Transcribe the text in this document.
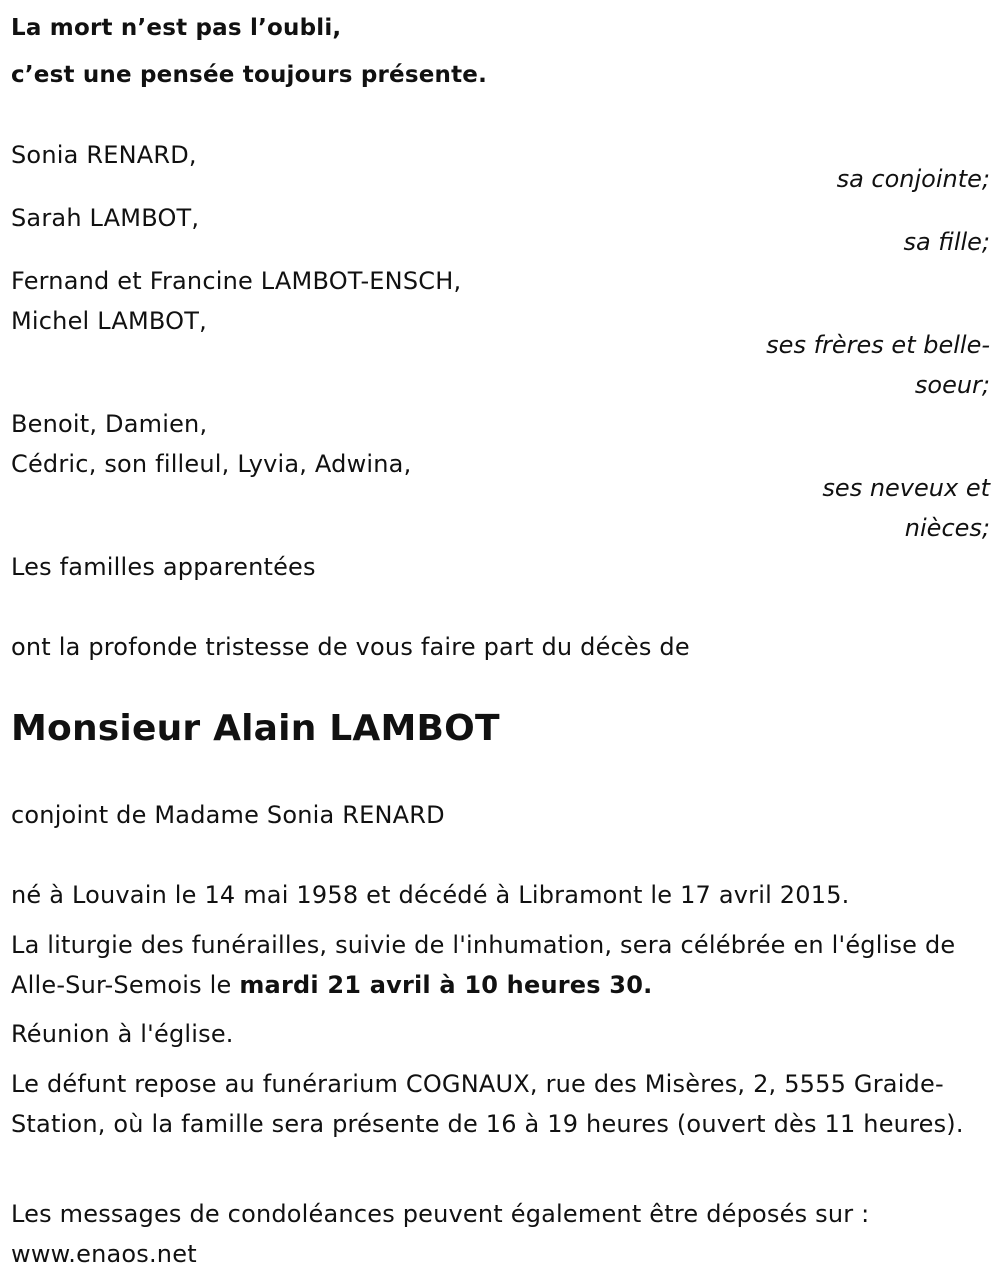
La mort n’est pas l’oubli,
c’est une pensée toujours présente.
Sonia RENARD,
sa conjointe;
Sarah LAMBOT,
sa fille;
Fernand et Francine LAMBOT-ENSCH,
Michel LAMBOT,
ses frères et belle-
soeur;
Benoit, Damien,
Cédric, son filleul, Lyvia, Adwina,
ses neveux et
nièces;
Les familles apparentées
ont la profonde tristesse de vous faire part du décès de
Monsieur Alain LAMBOT
conjoint de Madame Sonia RENARD
né à Louvain le 14 mai 1958 et décédé à Libramont le 17 avril 2015.
La liturgie des funérailles, suivie de l'inhumation, sera célébrée en l'église de Alle-Sur-Semois le mardi 21 avril à 10 heures 30.
Réunion à l'église.
Le défunt repose au funérarium COGNAUX, rue des Misères, 2, 5555 Graide-Station, où la famille sera présente de 16 à 19 heures (ouvert dès 11 heures).
Les messages de condoléances peuvent également être déposés sur : www.enaos.net
